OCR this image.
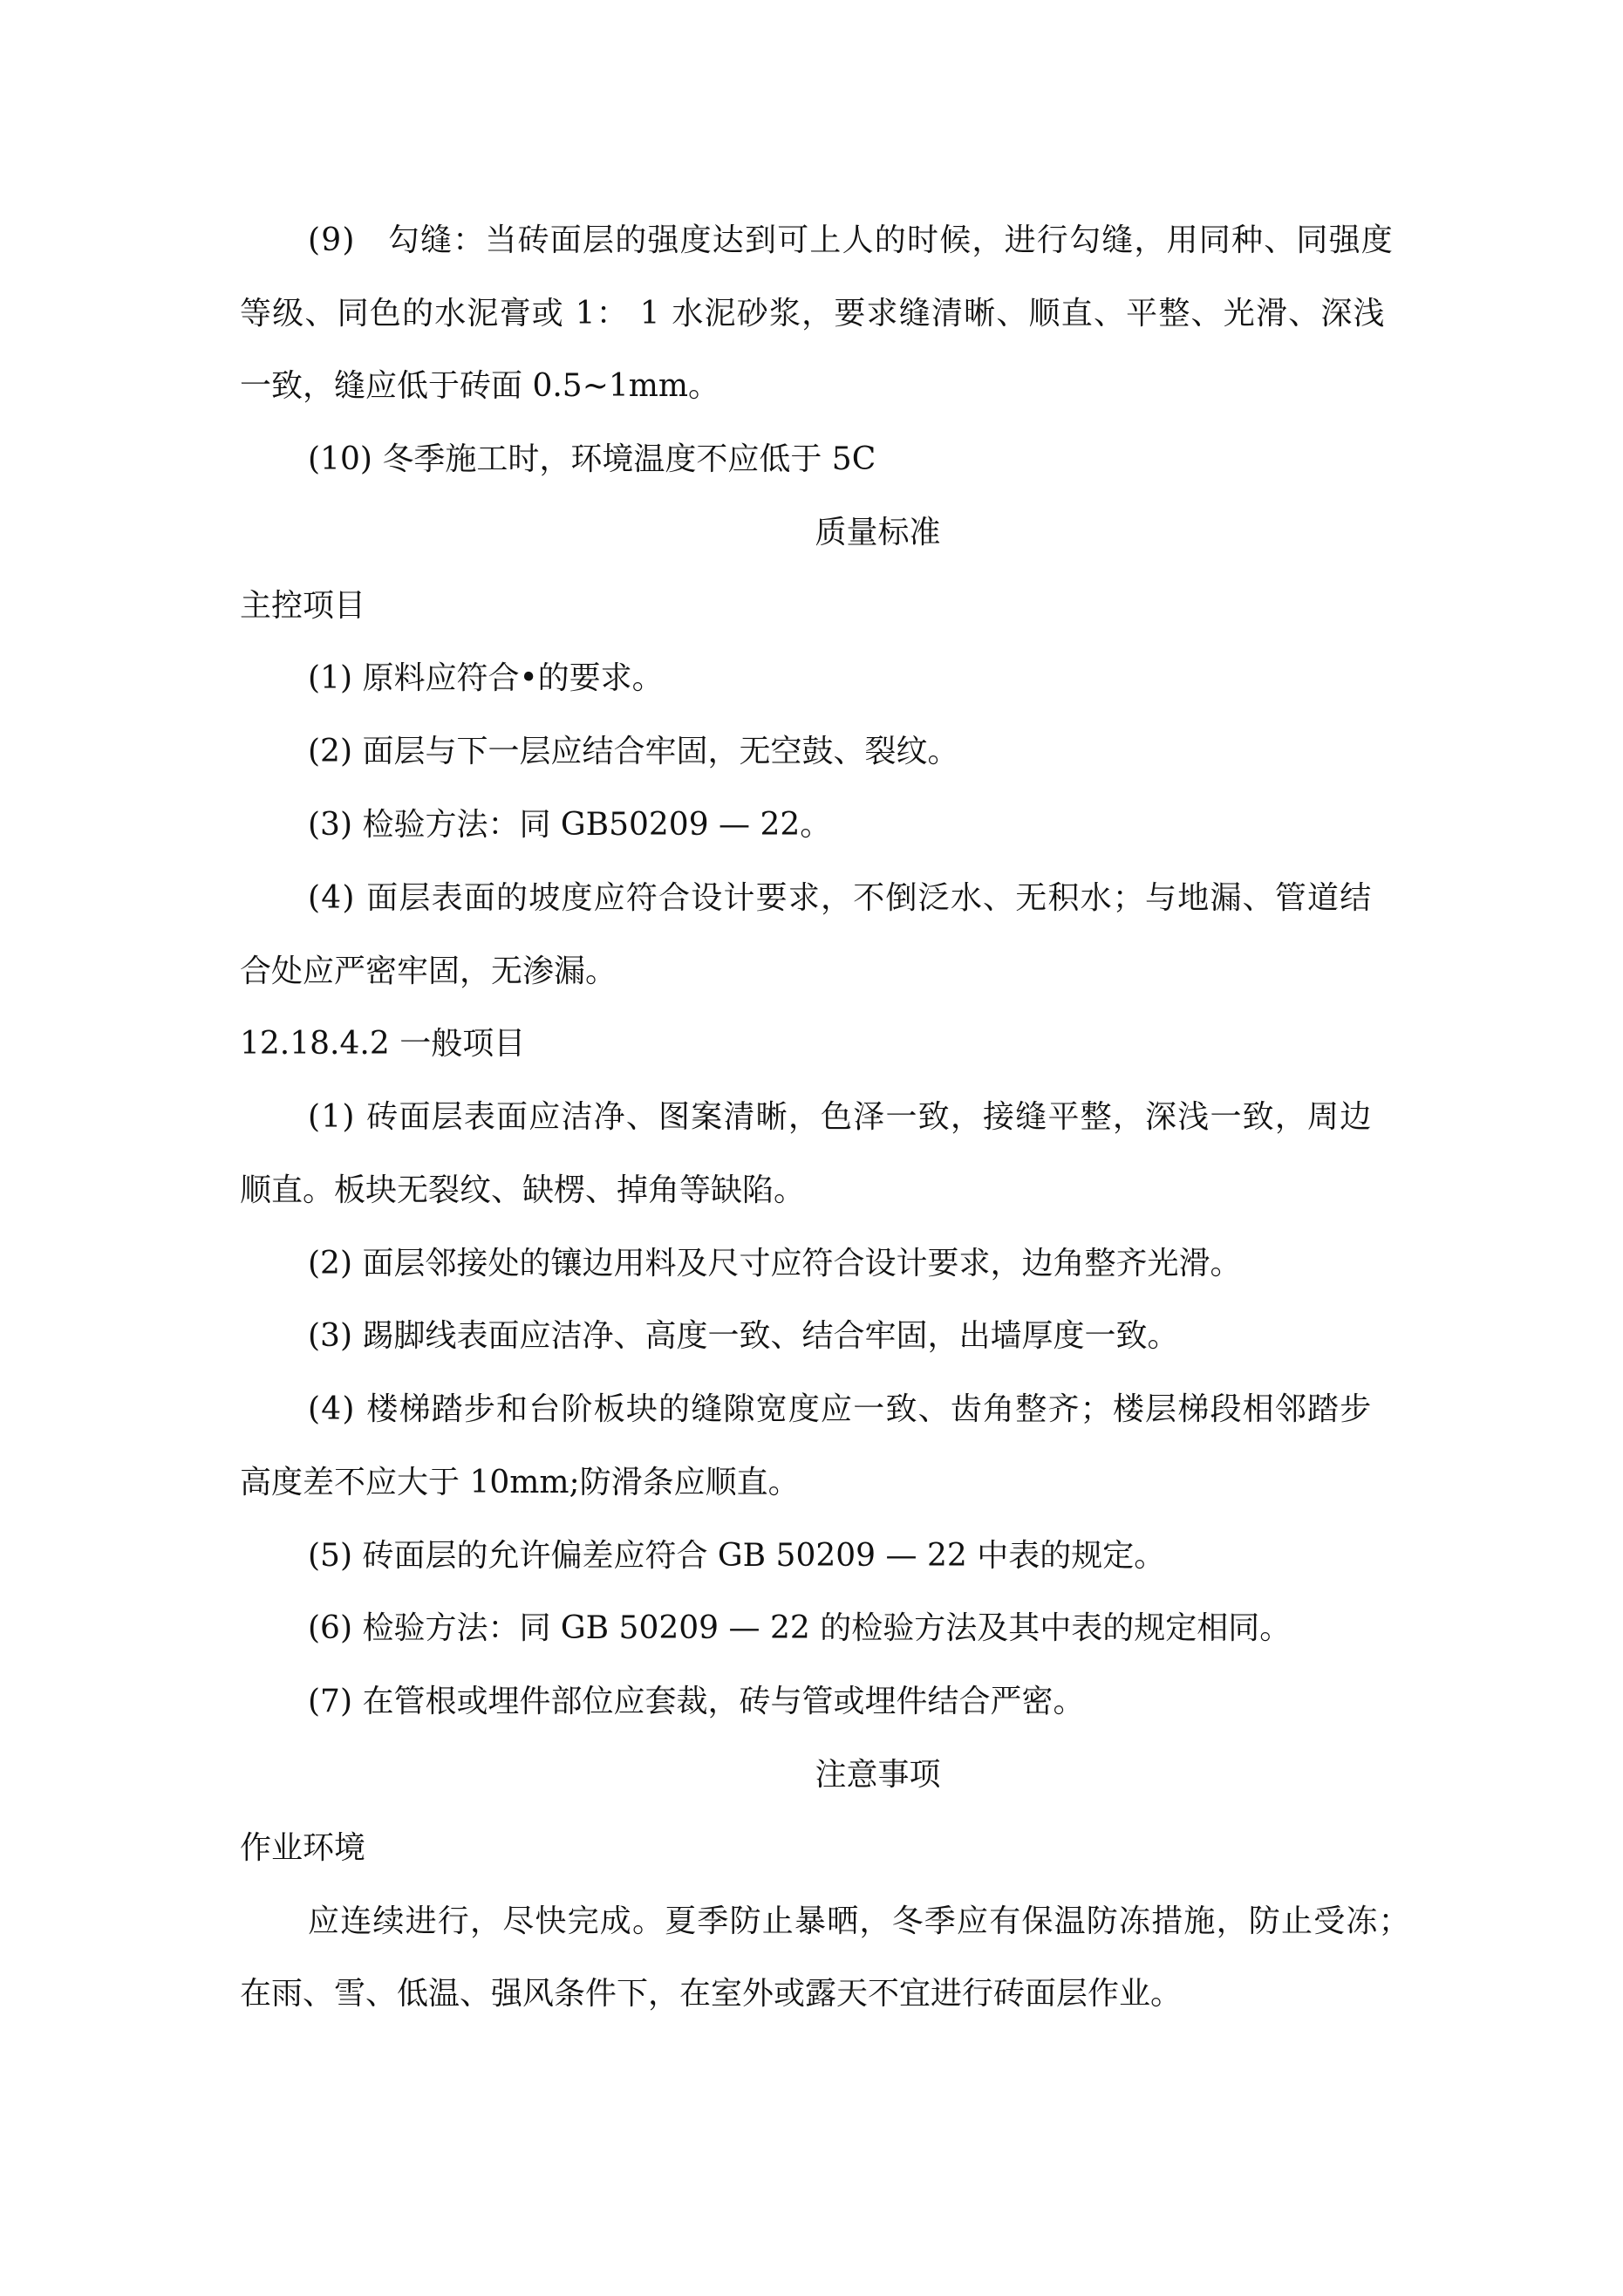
(9)　勾缝：当砖面层的强度达到可上人的时候，进行勾缝，用同种、同强度
等级、同色的水泥膏或 1： 1 水泥砂浆，要求缝清晰、顺直、平整、光滑、深浅
一致，缝应低于砖面 0.5~1mm。
(10) 冬季施工时，环境温度不应低于 5C
质量标准
主控项目
(1) 原料应符合•的要求。
(2) 面层与下一层应结合牢固，无空鼓、裂纹。
(3) 检验方法：同 GB50209 — 22。
(4) 面层表面的坡度应符合设计要求，不倒泛水、无积水；与地漏、管道结
合处应严密牢固，无渗漏。
12.18.4.2 一般项目
(1) 砖面层表面应洁净、图案清晰，色泽一致，接缝平整，深浅一致，周边
顺直。板块无裂纹、缺楞、掉角等缺陷。
(2) 面层邻接处的镶边用料及尺寸应符合设计要求，边角整齐光滑。
(3) 踢脚线表面应洁净、高度一致、结合牢固，出墙厚度一致。
(4) 楼梯踏步和台阶板块的缝隙宽度应一致、齿角整齐；楼层梯段相邻踏步
高度差不应大于 10mm;防滑条应顺直。
(5) 砖面层的允许偏差应符合 GB 50209 — 22 中表的规定。
(6) 检验方法：同 GB 50209 — 22 的检验方法及其中表的规定相同。
(7) 在管根或埋件部位应套裁，砖与管或埋件结合严密。
注意事项
作业环境
应连续进行，尽快完成。夏季防止暴晒，冬季应有保温防冻措施，防止受冻；
在雨、雪、低温、强风条件下，在室外或露天不宜进行砖面层作业。
